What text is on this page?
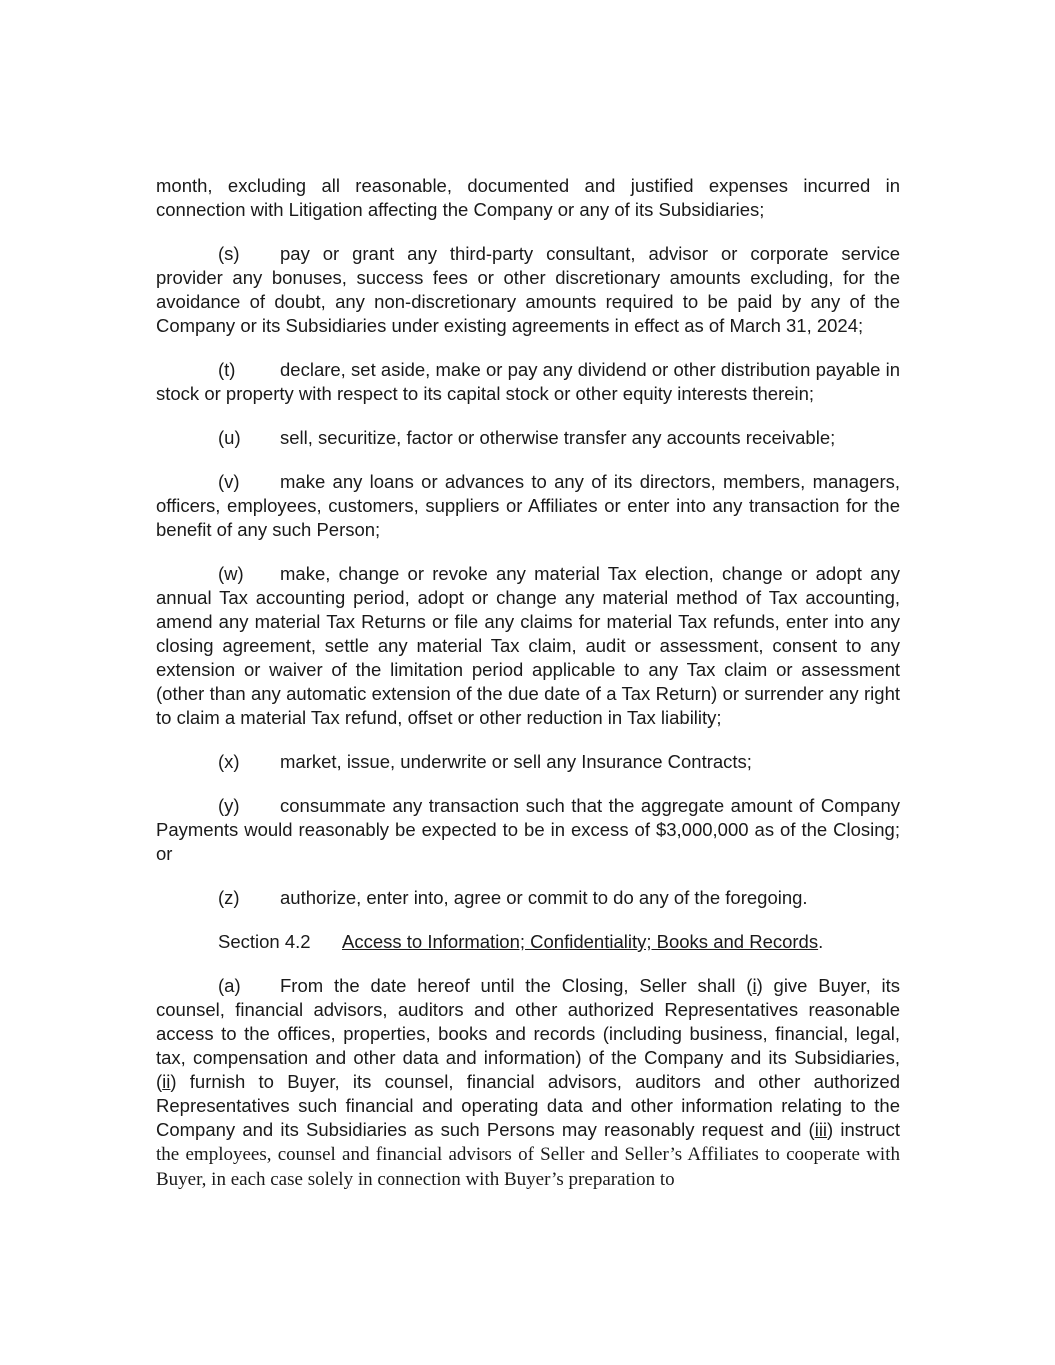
month, excluding all reasonable, documented and justified expenses incurred in connection with Litigation affecting the Company or any of its Subsidiaries;

(s) pay or grant any third-party consultant, advisor or corporate service provider any bonuses, success fees or other discretionary amounts excluding, for the avoidance of doubt, any non-discretionary amounts required to be paid by any of the Company or its Subsidiaries under existing agreements in effect as of March 31, 2024;

(t) declare, set aside, make or pay any dividend or other distribution payable in stock or property with respect to its capital stock or other equity interests therein;

(u) sell, securitize, factor or otherwise transfer any accounts receivable;

(v) make any loans or advances to any of its directors, members, managers, officers, employees, customers, suppliers or Affiliates or enter into any transaction for the benefit of any such Person;

(w) make, change or revoke any material Tax election, change or adopt any annual Tax accounting period, adopt or change any material method of Tax accounting, amend any material Tax Returns or file any claims for material Tax refunds, enter into any closing agreement, settle any material Tax claim, audit or assessment, consent to any extension or waiver of the limitation period applicable to any Tax claim or assessment (other than any automatic extension of the due date of a Tax Return) or surrender any right to claim a material Tax refund, offset or other reduction in Tax liability;

(x) market, issue, underwrite or sell any Insurance Contracts;

(y) consummate any transaction such that the aggregate amount of Company Payments would reasonably be expected to be in excess of $3,000,000 as of the Closing; or

(z) authorize, enter into, agree or commit to do any of the foregoing.

Section 4.2 Access to Information; Confidentiality; Books and Records.

(a) From the date hereof until the Closing, Seller shall (i) give Buyer, its counsel, financial advisors, auditors and other authorized Representatives reasonable access to the offices, properties, books and records (including business, financial, legal, tax, compensation and other data and information) of the Company and its Subsidiaries, (ii) furnish to Buyer, its counsel, financial advisors, auditors and other authorized Representatives such financial and operating data and other information relating to the Company and its Subsidiaries as such Persons may reasonably request and (iii) instruct the employees, counsel and financial advisors of Seller and Seller’s Affiliates to cooperate with Buyer, in each case solely in connection with Buyer’s preparation to
